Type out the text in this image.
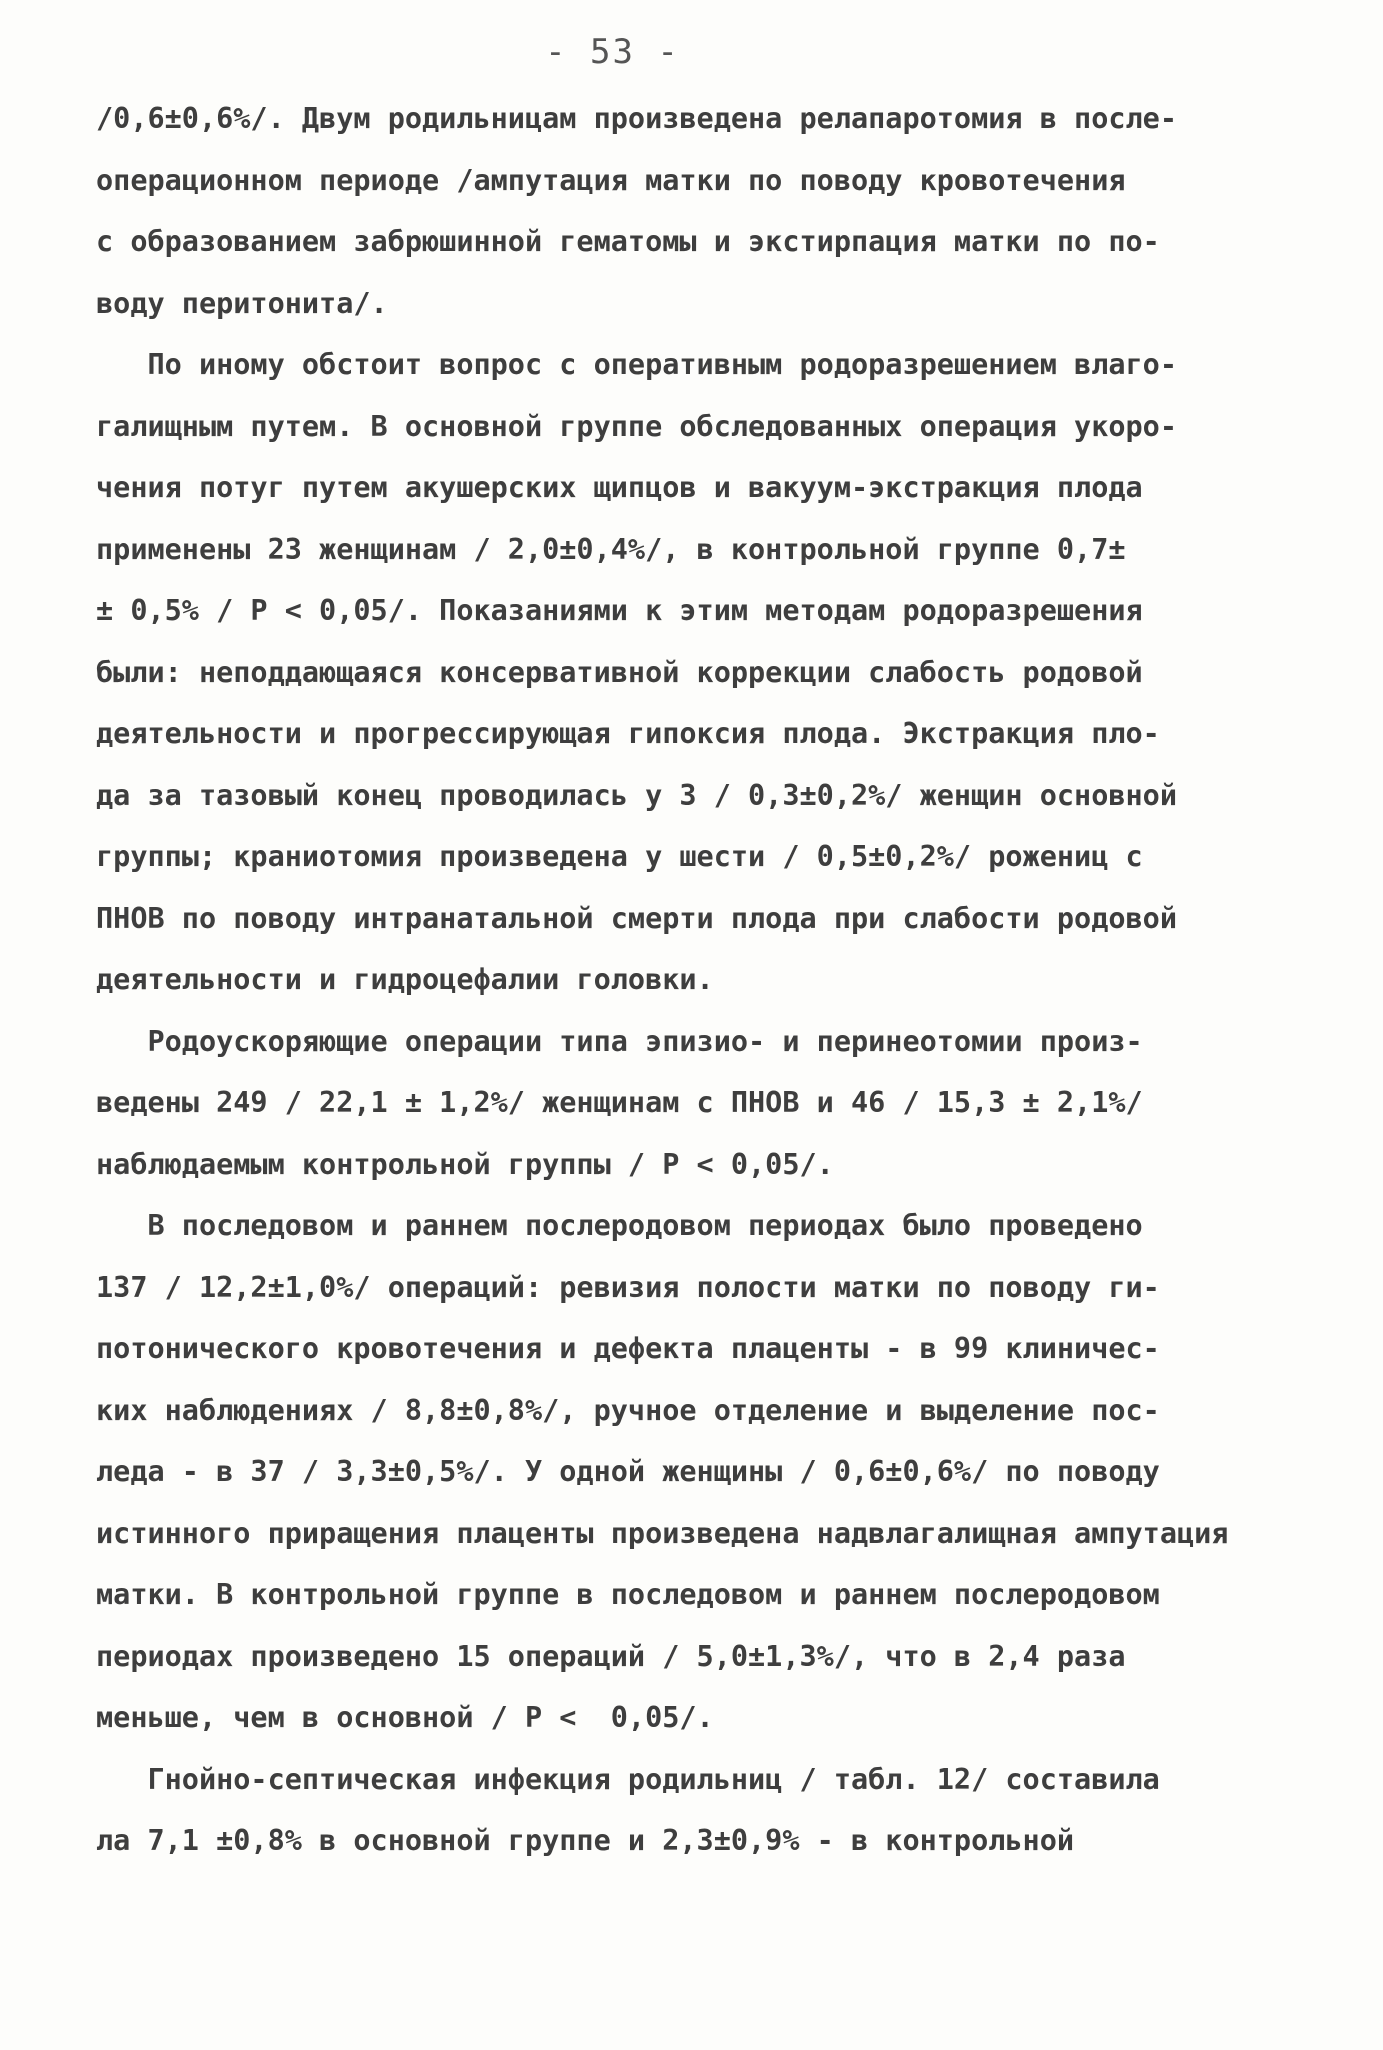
- 53 -
/0,6±0,6%/. Двум родильницам произведена релапаротомия в после-
операционном периоде /ампутация матки по поводу кровотечения
с образованием забрюшинной гематомы и экстирпация матки по по-
воду перитонита/.
По иному обстоит вопрос с оперативным родоразрешением влаго-
галищным путем. В основной группе обследованных операция укоро-
чения потуг путем акушерских щипцов и вакуум-экстракция плода
применены 23 женщинам / 2,0±0,4%/, в контрольной группе 0,7±
± 0,5% / P < 0,05/. Показаниями к этим методам родоразрешения
были: неподдающаяся консервативной коррекции слабость родовой
деятельности и прогрессирующая гипоксия плода. Экстракция пло-
да за тазовый конец проводилась у 3 / 0,3±0,2%/ женщин основной
группы; краниотомия произведена у шести / 0,5±0,2%/ рожениц с
ПНОВ по поводу интранатальной смерти плода при слабости родовой
деятельности и гидроцефалии головки.
Родоускоряющие операции типа эпизио- и перинеотомии произ-
ведены 249 / 22,1 ± 1,2%/ женщинам с ПНОВ и 46 / 15,3 ± 2,1%/
наблюдаемым контрольной группы / P < 0,05/.
В последовом и раннем послеродовом периодах было проведено
137 / 12,2±1,0%/ операций: ревизия полости матки по поводу ги-
потонического кровотечения и дефекта плаценты - в 99 клиничес-
ких наблюдениях / 8,8±0,8%/, ручное отделение и выделение пос-
леда - в 37 / 3,3±0,5%/. У одной женщины / 0,6±0,6%/ по поводу
истинного приращения плаценты произведена надвлагалищная ампутация
матки. В контрольной группе в последовом и раннем послеродовом
периодах произведено 15 операций / 5,0±1,3%/, что в 2,4 раза
меньше, чем в основной / P <  0,05/.
Гнойно-септическая инфекция родильниц / табл. 12/ составила
ла 7,1 ±0,8% в основной группе и 2,3±0,9% - в контрольной
